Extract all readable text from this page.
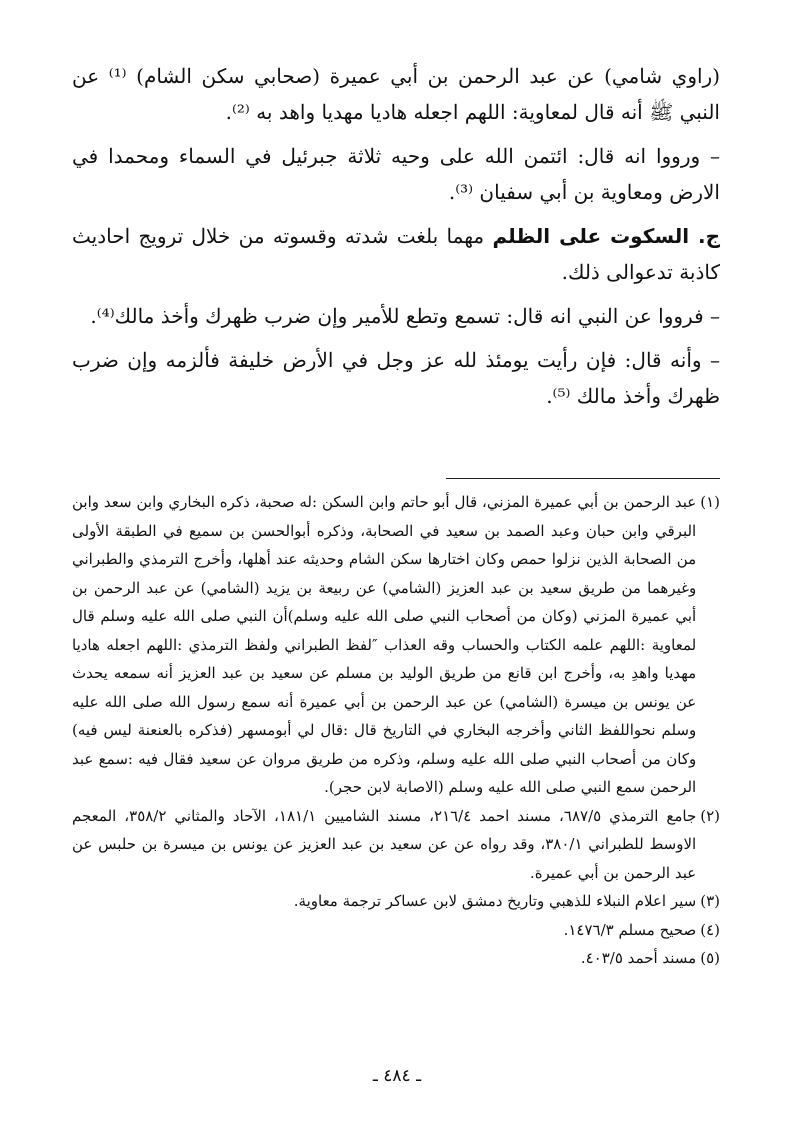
(راوي شامي) عن عبد الرحمن بن أبي عميرة (صحابي سكن الشام) ⁽¹⁾ عن النبي ﷺ أنه قال لمعاوية: اللهم اجعله هاديا مهديا واهد به ⁽²⁾.

– ورووا انه قال: ائتمن الله على وحيه ثلاثة جبرئيل في السماء ومحمدا في الارض ومعاوية بن أبي سفيان ⁽³⁾.

ج. السكوت على الظلم مهما بلغت شدته وقسوته من خلال ترويج احاديث كاذبة تدعوالى ذلك.

– فرووا عن النبي انه قال: تسمع وتطع للأمير وإن ضرب ظهرك وأخذ مالك⁽⁴⁾.

– وأنه قال: فإن رأيت يومئذ لله عز وجل في الأرض خليفة فألزمه وإن ضرب ظهرك وأخذ مالك ⁽⁵⁾.

(١)
عبد الرحمن بن أبي عميرة المزني، قال أبو حاتم وابن السكن :له صحبة، ذكره البخاري وابن سعد وابن البرقي وابن حبان وعبد الصمد بن سعيد في الصحابة، وذكره أبوالحسن بن سميع في الطبقة الأولى من الصحابة الذين نزلوا حمص وكان اختارها سكن الشام وحديثه عند أهلها، وأخرج الترمذي والطبراني وغيرهما من طريق سعيد بن عبد العزيز (الشامي) عن ربيعة بن يزيد (الشامي) عن عبد الرحمن بن أبي عميرة المزني (وكان من أصحاب النبي صلى الله عليه وسلم)أن النبي صلى الله عليه وسلم قال لمعاوية :اللهم علمه الكتاب والحساب وقه العذاب ″لفظ الطبراني ولفظ الترمذي :اللهم اجعله هاديا مهديا واهدِ به، وأخرج ابن قانع من طريق الوليد بن مسلم عن سعيد بن عبد العزيز أنه سمعه يحدث عن يونس بن ميسرة (الشامي) عن عبد الرحمن بن أبي عميرة أنه سمع رسول الله صلى الله عليه وسلم نحواللفظ الثاني وأخرجه البخاري في التاريخ قال :قال لي أبومسهر (فذكره بالعنعنة ليس فيه) وكان من أصحاب النبي صلى الله عليه وسلم، وذكره من طريق مروان عن سعيد فقال فيه :سمع عبد الرحمن سمع النبي صلى الله عليه وسلم (الاصابة لابن حجر).
(٢)
جامع الترمذي ٦٨٧/٥، مسند احمد ٢١٦/٤، مسند الشاميين ١٨١/١، الآحاد والمثاني ٣٥٨/٢، المعجم الاوسط للطبراني ٣٨٠/١، وقد رواه عن عن سعيد بن عبد العزيز عن يونس بن ميسرة بن حلبس عن عبد الرحمن بن أبي عميرة.
(٣)
سير اعلام النبلاء للذهبي وتاريخ دمشق لابن عساكر ترجمة معاوية.
(٤)
صحيح مسلم ١٤٧٦/٣.
(٥)
مسند أحمد ٤٠٣/٥.
ـ ٤٨٤ ـ
